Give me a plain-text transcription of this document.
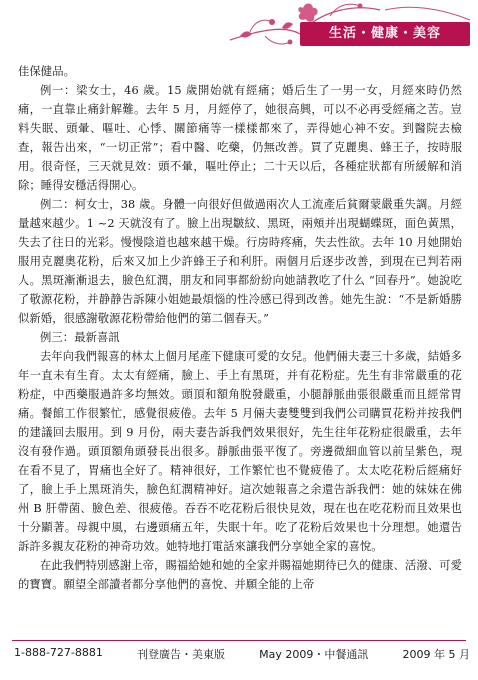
生活・健康・美容

佳保健品。

例一：梁女士，46 歲。15 歲開始就有經痛；婚后生了一男一女，月經來時仍然痛，一直靠止痛針解難。去年 5 月，月經停了，她很高興，可以不必再受經痛之苦。豈料失眠、頭暈、嘔吐、心悸、關節痛等一樣樣都來了，弄得她心神不安。到醫院去檢查，報告出來，“一切正常”；看中醫、吃藥，仍無改善。買了克麗奧、蜂王子，按時服用。很奇怪，三天就見效：頭不暈，嘔吐停止；二十天以后，各種症狀都有所緩解和消除；睡得安穩活得開心。

例二：柯女士，38 歲。身體一向很好但做過兩次人工流產后貧爾蒙嚴重失調。月經量越來越少。1 ~2 天就沒有了。臉上出現皺紋、黑斑，兩頰并出現蝴蝶斑，面色黃黑，失去了往日的光彩。慢慢陰道也越來越干燥。行房時疼痛，失去性欲。去年 10 月她開始服用克麗奧花粉，后來又加上少許蜂王子和利肝。兩個月后逐步改善，到現在已判若兩人。黑斑漸漸退去，臉色紅潤，朋友和同事都紛紛向她請教吃了什么 “回春丹”。她說吃了敬源花粉，并静静告訴陳小姐她最煩惱的性冷感已得到改善。她先生說：“不是新婚勝似新婚，很感謝敬源花粉帶給他們的第二個春天。”

例三：最新喜訊

去年向我們報喜的林太上個月尾產下健康可愛的女兒。他們倆夫妻三十多歲，結婚多年一直未有生育。太太有經痛，臉上、手上有黑斑，并有花粉症。先生有非常嚴重的花粉症，中西藥服過許多均無效。頭頂和額角脫發嚴重，小腿靜脈曲張很嚴重而且經常胃痛。餐館工作很繁忙，感覺很疲倦。去年 5 月倆夫妻雙雙到我們公司購買花粉并按我們的建議回去服用。到 9 月份，兩夫妻告訴我們效果很好，先生往年花粉症很嚴重，去年沒有發作過。頭頂額角頭發長出很多。靜脈曲張平復了。旁邊微細血管以前呈紫色，現在看不見了，胃痛也全好了。精神很好，工作繁忙也不覺疲倦了。太太吃花粉后經痛好了，臉上手上黑斑消失，臉色紅潤精神好。這次她報喜之余還告訴我們：她的妹妹在佛州 B 肝帶菌、臉色差、很疲倦。吞吞不吃花粉后很快見效，現在也在吃花粉而且效果也十分顯著。母親中風，右邊頭痛五年，失眠十年。吃了花粉后效果也十分理想。她還告訴許多親友花粉的神奇功效。她特地打電話來讓我們分享她全家的喜悅。

在此我們特別感謝上帝，賜福給她和她的全家并賜福她期待已久的健康、活潑、可愛的寶寶。願望全部讀者都分享他們的喜悅、并願全能的上帝

1-888-727-8881	刊登廣告・美東版	May 2009・中餐通訊	2009 年 5 月
